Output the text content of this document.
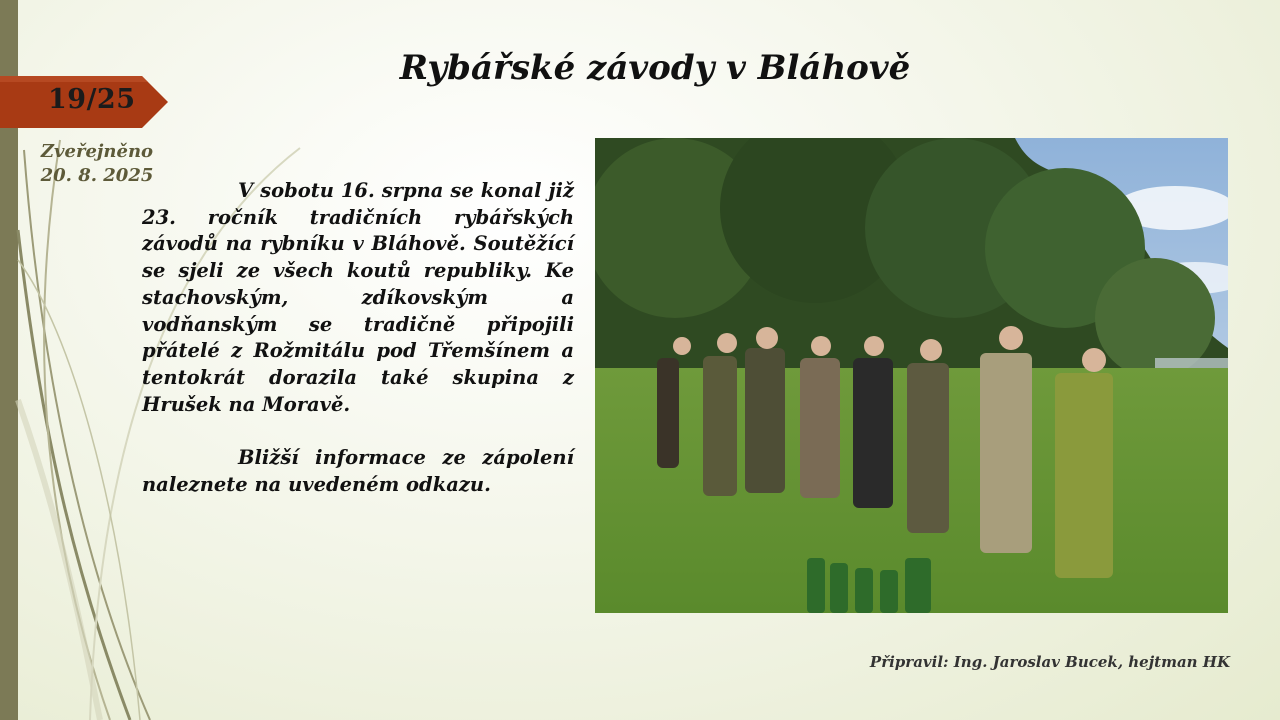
19/25
Zveřejněno
20. 8. 2025
Rybářské závody v Bláhově

V sobotu 16. srpna se konal již 23. ročník tradičních rybářských závodů na rybníku v Bláhově. Soutěžící se sjeli ze všech koutů republiky. Ke stachovským, zdíkovským a vodňanským se tradičně připojili přátelé z Rožmitálu pod Třemšínem a tentokrát dorazila také skupina z Hrušek na Moravě.

Bližší informace ze zápolení naleznete na uvedeném odkazu.

Připravil: Ing. Jaroslav Bucek, hejtman HK
